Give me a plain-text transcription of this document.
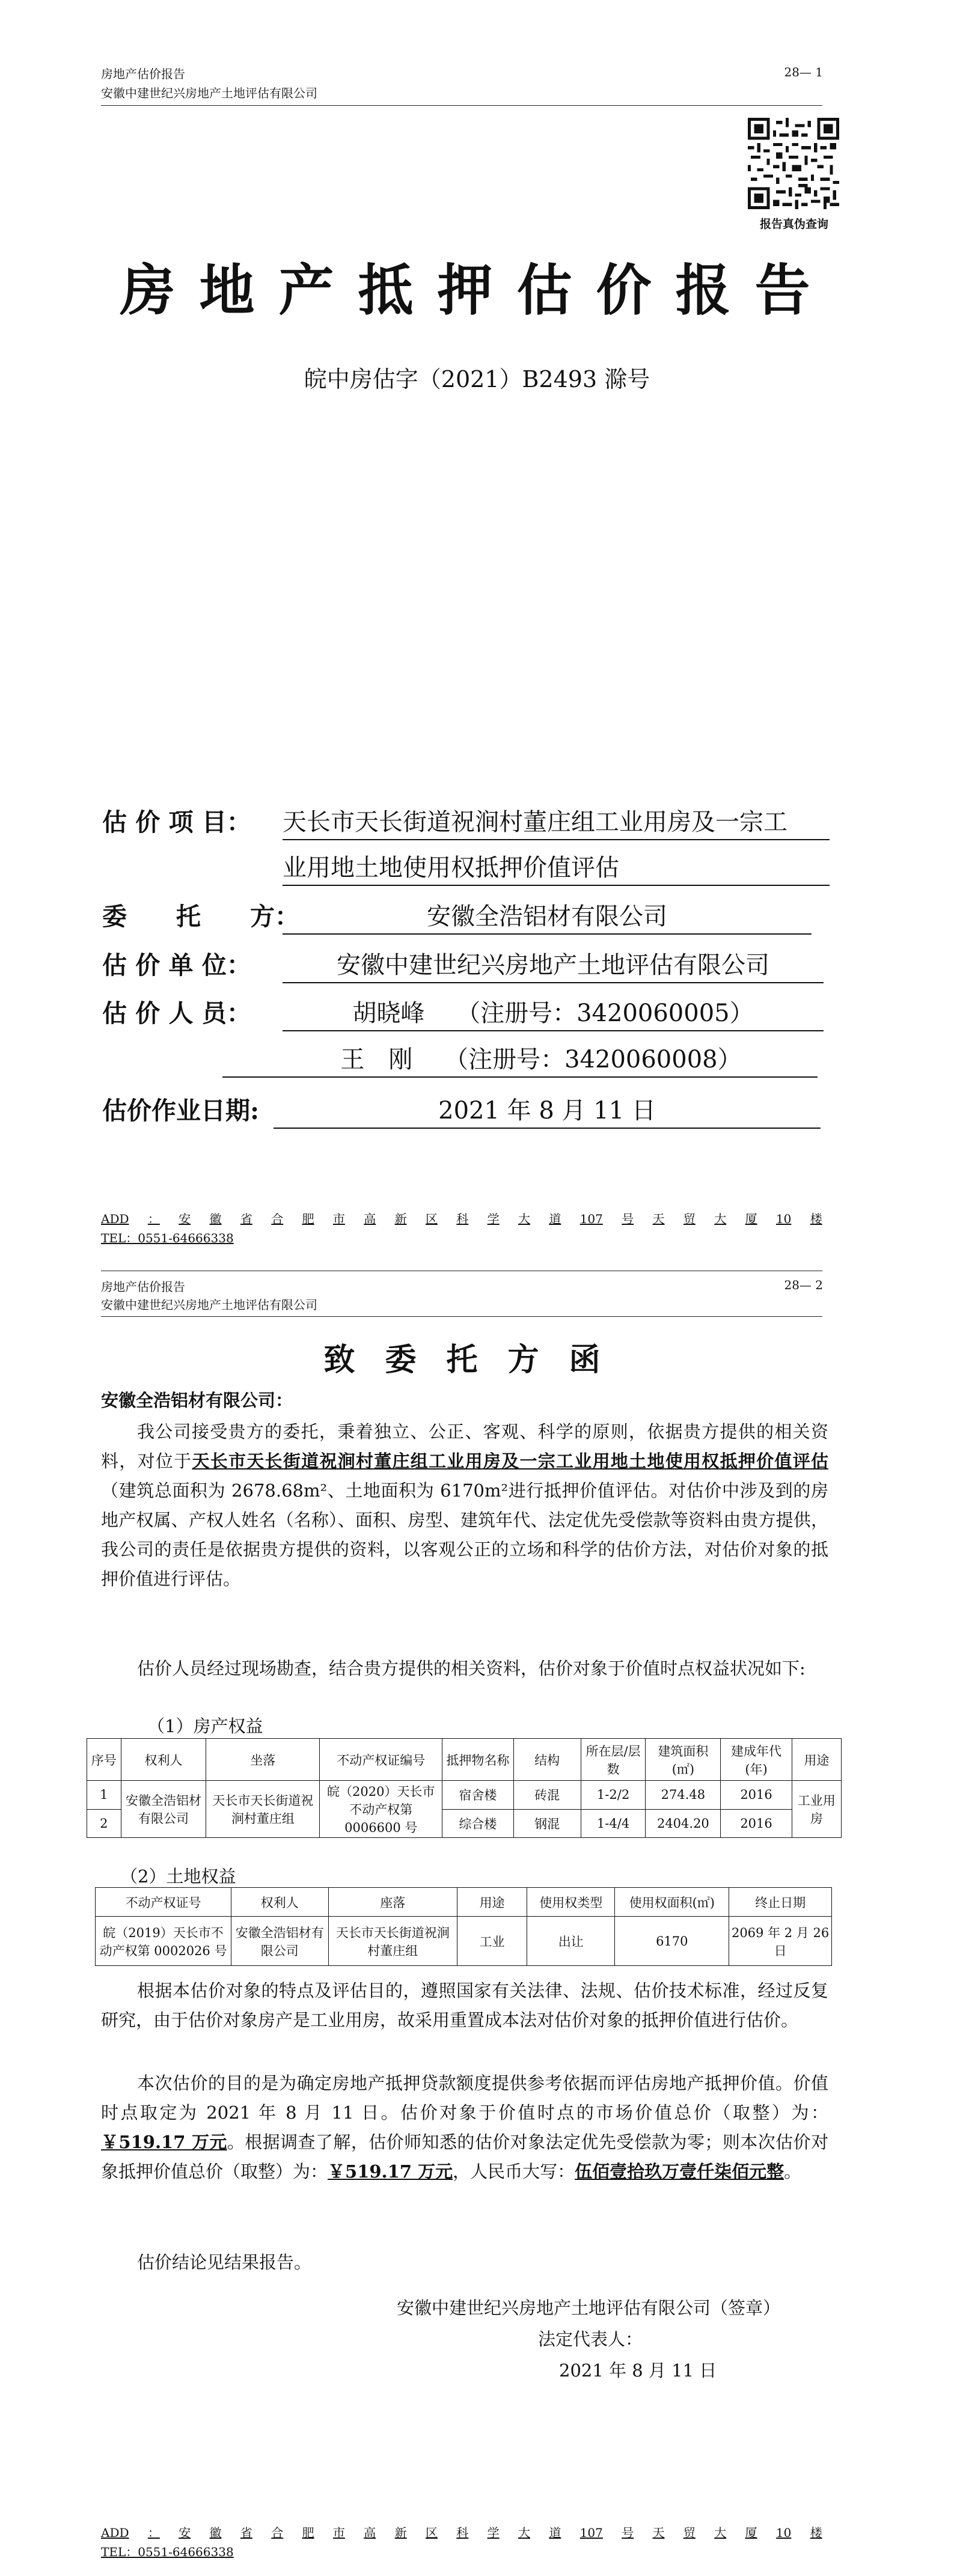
房地产估价报告
安徽中建世纪兴房地产土地评估有限公司
28— 1
报告真伪查询
房地产抵押估价报告
皖中房估字（2021）B2493 滁号
估 价 项 目： 天长市天长街道祝涧村董庄组工业用房及一宗工
业用地土地使用权抵押价值评估
委　　托　　方：	安徽全浩铝材有限公司
估 价 单 位：	安徽中建世纪兴房地产土地评估有限公司
估 价 人 员：	胡晓峰　 （注册号：3420060005）
王　刚　 （注册号：3420060008）
估价作业日期:	2021 年 8 月 11 日
ADD ： 安 徽 省 合 肥 市 高 新 区 科 学 大 道 107 号 天 贸 大 厦 10 楼
TEL：0551-64666338
房地产估价报告
安徽中建世纪兴房地产土地评估有限公司
28— 2
致委托方函
安徽全浩铝材有限公司：
我公司接受贵方的委托，秉着独立、公正、客观、科学的原则，依据贵方提供的相关资料，对位于天长市天长街道祝涧村董庄组工业用房及一宗工业用地土地使用权抵押价值评估（建筑总面积为 2678.68m²、土地面积为 6170m²进行抵押价值评估。对估价中涉及到的房地产权属、产权人姓名（名称）、面积、房型、建筑年代、法定优先受偿款等资料由贵方提供，我公司的责任是依据贵方提供的资料，以客观公正的立场和科学的估价方法，对估价对象的抵押价值进行评估。
估价人员经过现场勘查，结合贵方提供的相关资料，估价对象于价值时点权益状况如下:
（1）房产权益
序号	权利人	坐落	不动产权证编号	抵押物名称	结构	所在层/层数	建筑面积(㎡)	建成年代(年)	用途
1	安徽全浩铝材有限公司	天长市天长街道祝涧村董庄组	皖（2020）天长市不动产权第0006600 号	宿舍楼	砖混	1-2/2	274.48	2016	工业用房
2				综合楼	钢混	1-4/4	2404.20	2016	
（2）土地权益
不动产权证号	权利人	座落	用途	使用权类型	使用权面积(㎡)	终止日期
皖（2019）天长市不动产权第 0002026 号	安徽全浩铝材有限公司	天长市天长街道祝涧村董庄组	工业	出让	6170	2069 年 2 月 26 日
根据本估价对象的特点及评估目的，遵照国家有关法律、法规、估价技术标准，经过反复研究，由于估价对象房产是工业用房，故采用重置成本法对估价对象的抵押价值进行估价。
本次估价的目的是为确定房地产抵押贷款额度提供参考依据而评估房地产抵押价值。价值时点取定为 2021 年 8 月 11 日。估价对象于价值时点的市场价值总价（取整）为：￥519.17 万元。根据调查了解，估价师知悉的估价对象法定优先受偿款为零；则本次估价对象抵押价值总价（取整）为：￥519.17 万元，人民币大写：伍佰壹拾玖万壹仟柒佰元整。
估价结论见结果报告。
安徽中建世纪兴房地产土地评估有限公司（签章）
法定代表人：
2021 年 8 月 11 日
ADD ： 安 徽 省 合 肥 市 高 新 区 科 学 大 道 107 号 天 贸 大 厦 10 楼
TEL：0551-64666338
